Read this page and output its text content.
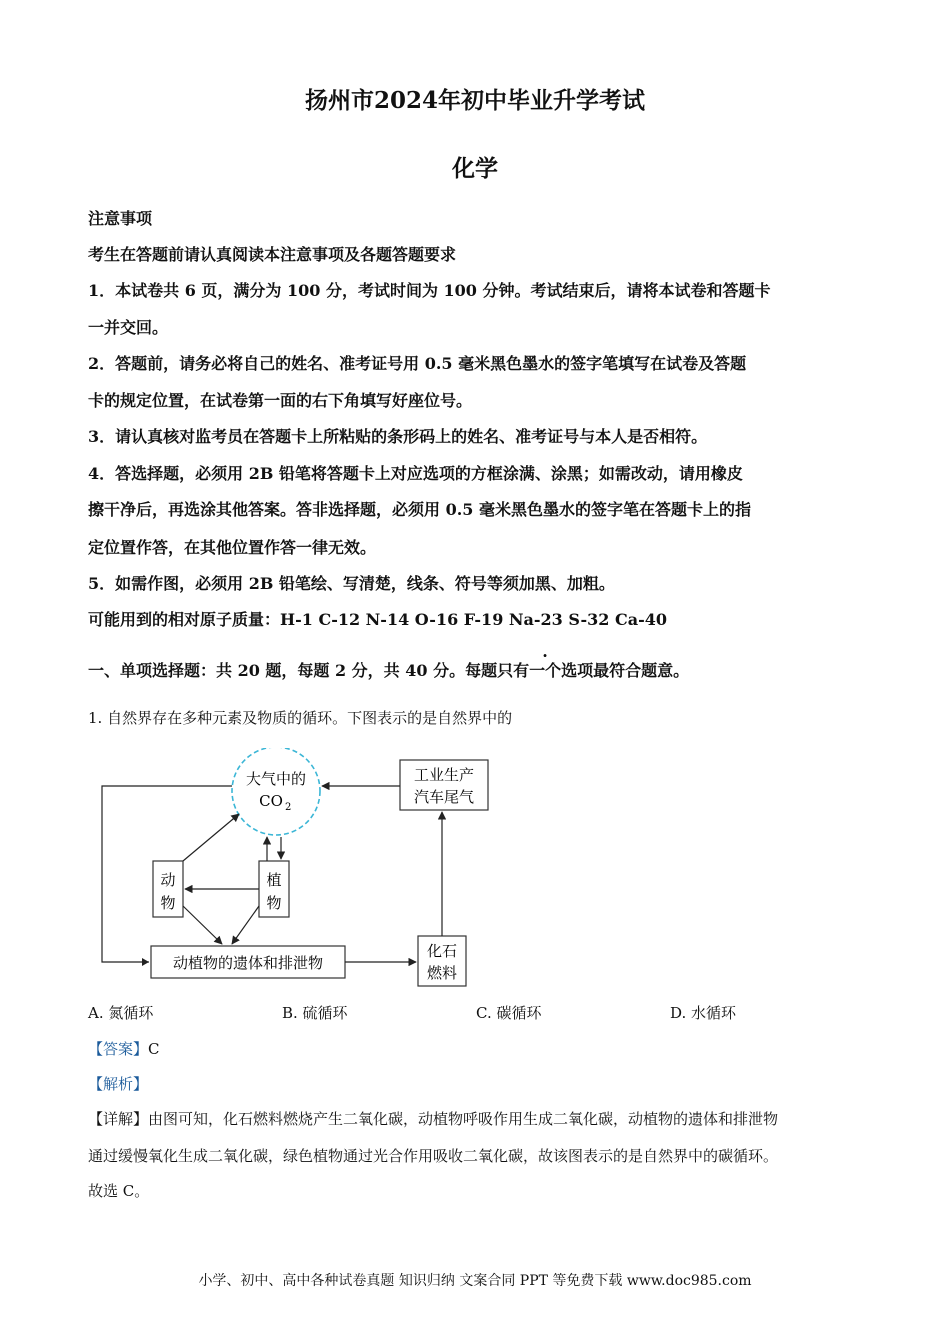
扬州市2024年初中毕业升学考试
化学
注意事项
考生在答题前请认真阅读本注意事项及各题答题要求
1．本试卷共 6 页，满分为 100 分，考试时间为 100 分钟。考试结束后，请将本试卷和答题卡
一并交回。
2．答题前，请务必将自己的姓名、准考证号用 0.5 毫米黑色墨水的签字笔填写在试卷及答题
卡的规定位置，在试卷第一面的右下角填写好座位号。
3．请认真核对监考员在答题卡上所粘贴的条形码上的姓名、准考证号与本人是否相符。
4．答选择题，必须用 2B 铅笔将答题卡上对应选项的方框涂满、涂黑；如需改动，请用橡皮
擦干净后，再选涂其他答案。答非选择题，必须用 0.5 毫米黑色墨水的签字笔在答题卡上的指
定位置作答，在其他位置作答一律无效。
5．如需作图，必须用 2B 铅笔绘、写清楚，线条、符号等须加黑、加粗。
可能用到的相对原子质量：H-1 C-12 N-14 O-16 F-19 Na-23 S-32 Ca-40
一、单项选择题：共 20 题，每题 2 分，共 40 分。每题只有一个选项最符合题意。
1. 自然界存在多种元素及物质的循环。下图表示的是自然界中的
大气中的
CO 2
工业生产
汽车尾气
动
物
植
物
动植物的遗体和排泄物
化石
燃料
A. 氮循环	B. 硫循环	C. 碳循环	D. 水循环
【答案】C
【解析】
【详解】由图可知，化石燃料燃烧产生二氧化碳，动植物呼吸作用生成二氧化碳，动植物的遗体和排泄物
通过缓慢氧化生成二氧化碳，绿色植物通过光合作用吸收二氧化碳，故该图表示的是自然界中的碳循环。
故选 C。
小学、初中、高中各种试卷真题 知识归纳 文案合同 PPT 等免费下载 www.doc985.com
